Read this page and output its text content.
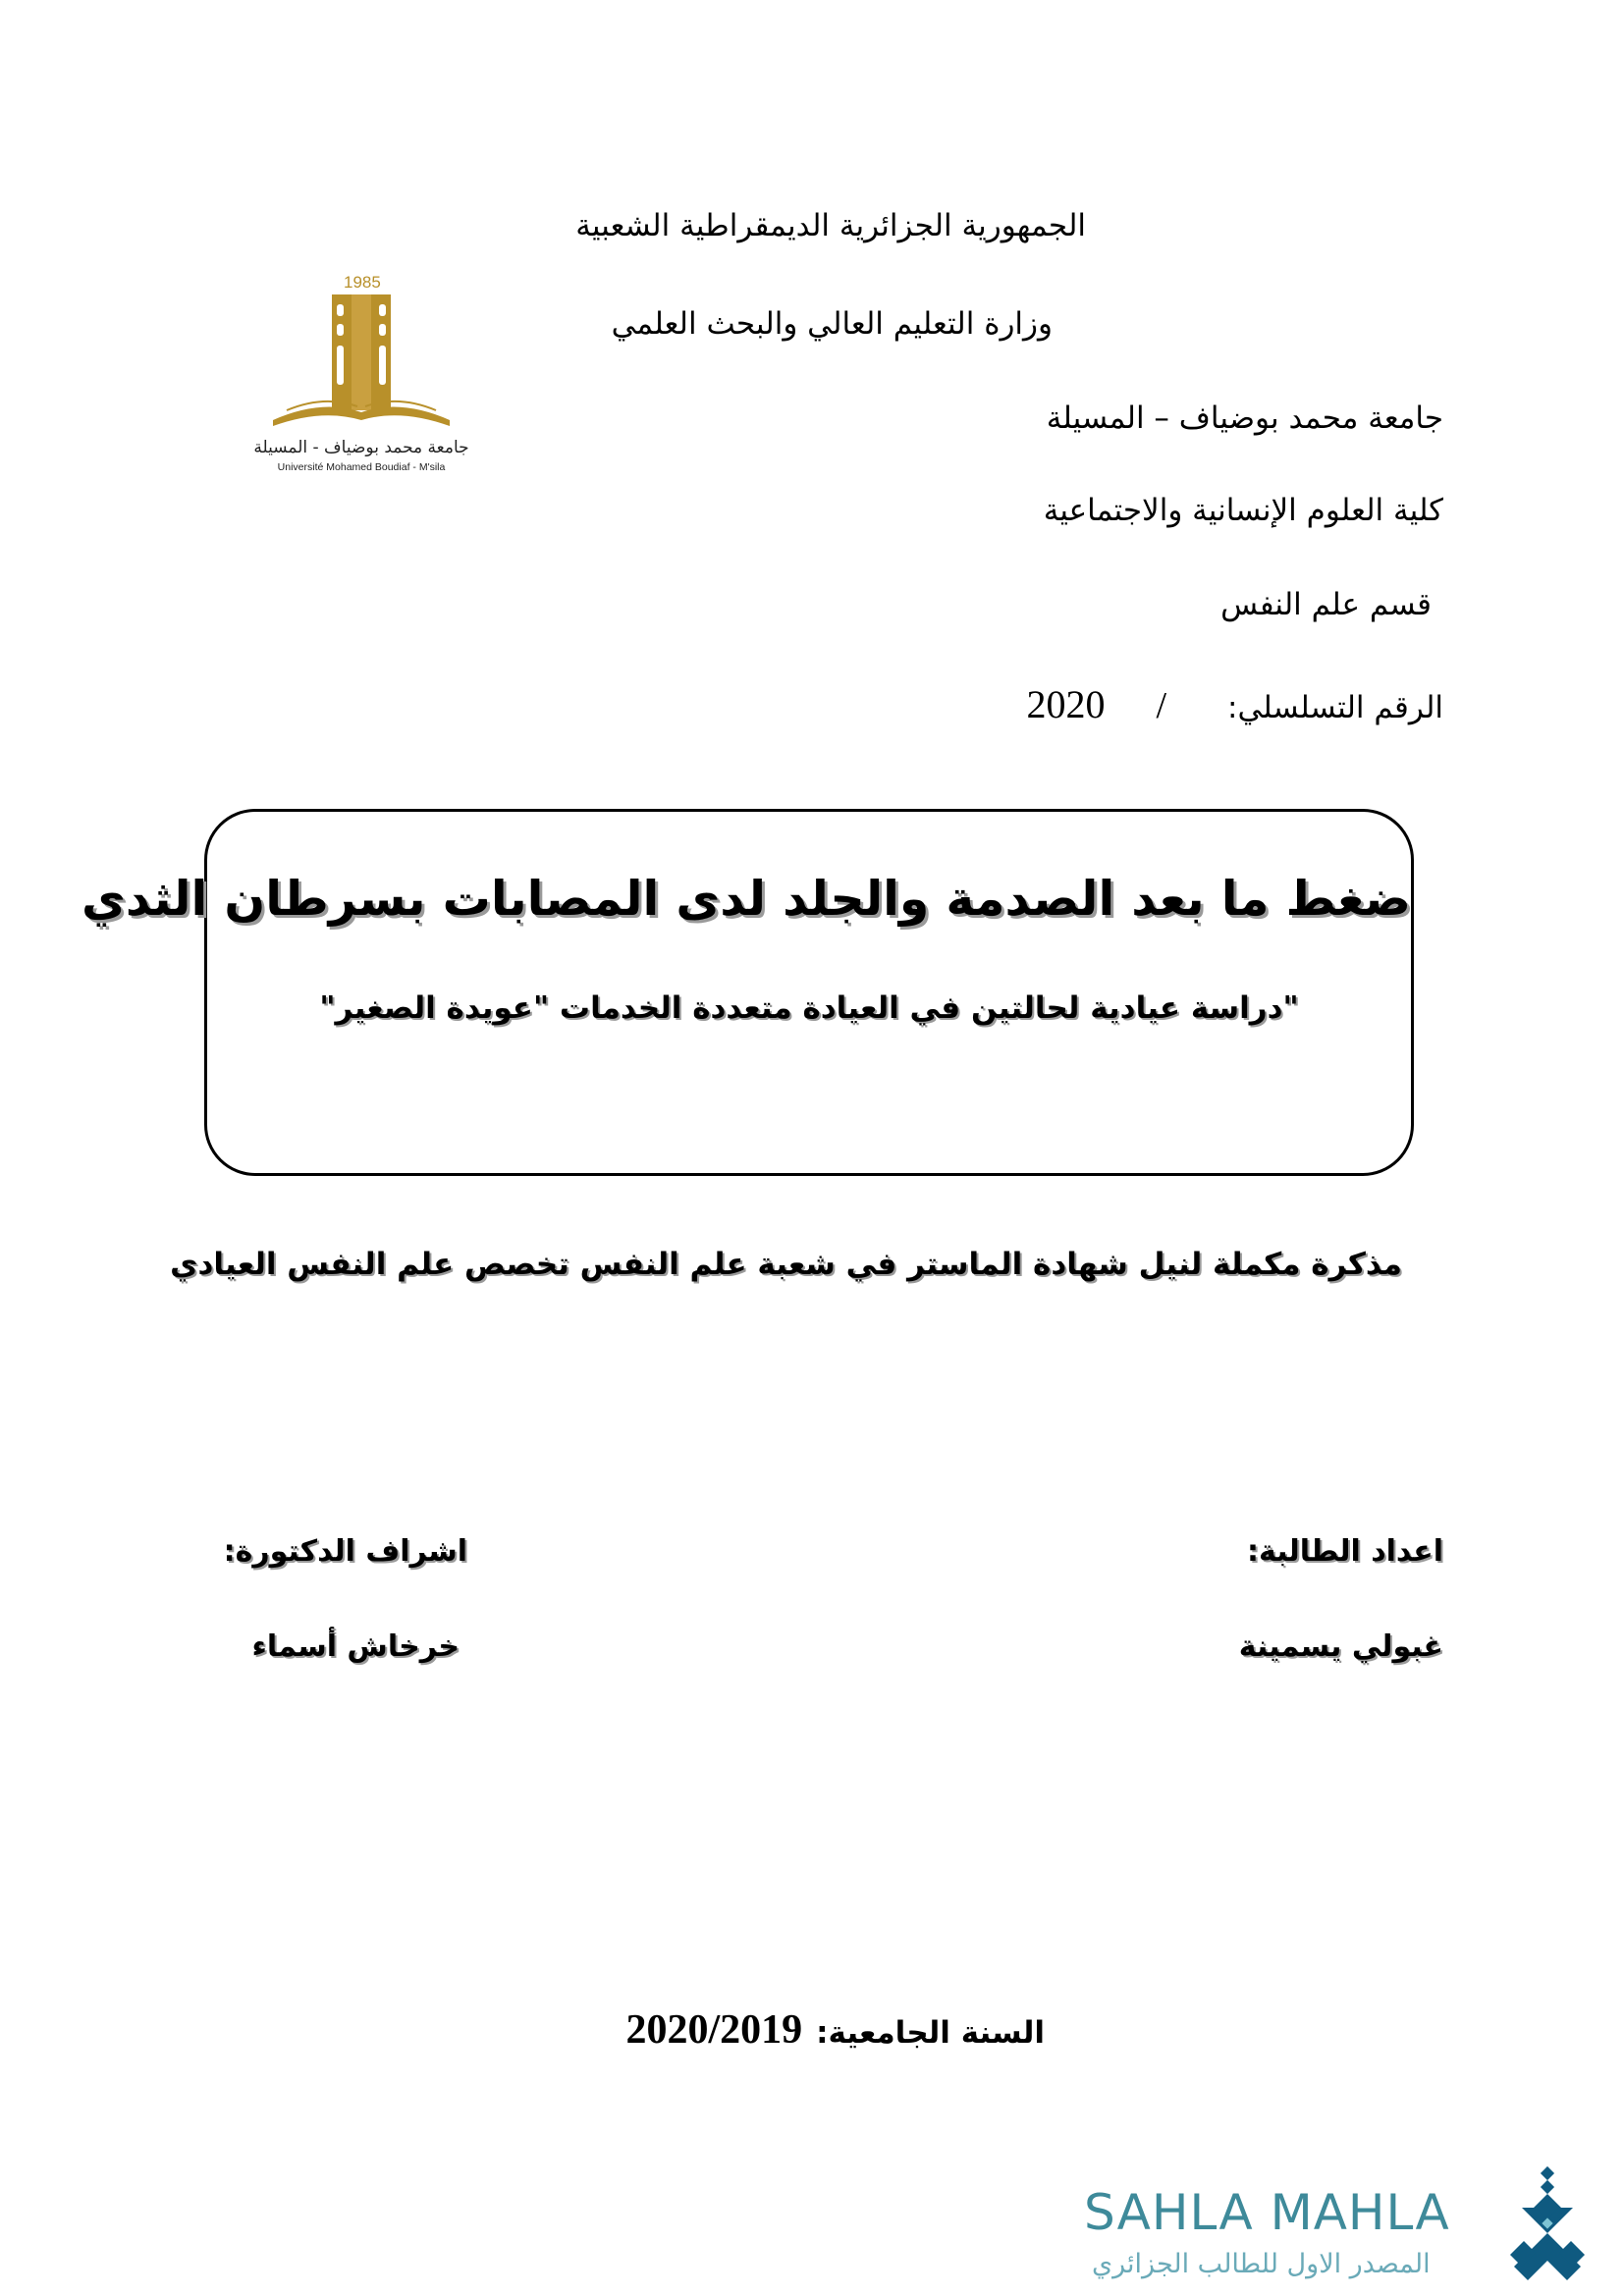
الجمهورية الجزائرية الديمقراطية الشعبية
وزارة التعليم العالي والبحث العلمي
جامعة محمد بوضياف – المسيلة
كلية العلوم الإنسانية والاجتماعية
قسم علم النفس
الرقم التسلسلي:
/
2020
1985
جامعة محمد بوضياف - المسيلة
Université Mohamed Boudiaf - M'sila
ضغط ما بعد الصدمة والجلد لدى المصابات بسرطان الثدي
"دراسة عيادية لحالتين في العيادة متعددة الخدمات "عويدة الصغير"
مذكرة مكملة لنيل شهادة الماستر في شعبة علم النفس تخصص علم النفس العيادي
اعداد الطالبة:
غبولي يسمينة
اشراف الدكتورة:
خرخاش أسماء
السنة الجامعية:
2020/2019
SAHLA MAHLA
المصدر الاول للطالب الجزائري
